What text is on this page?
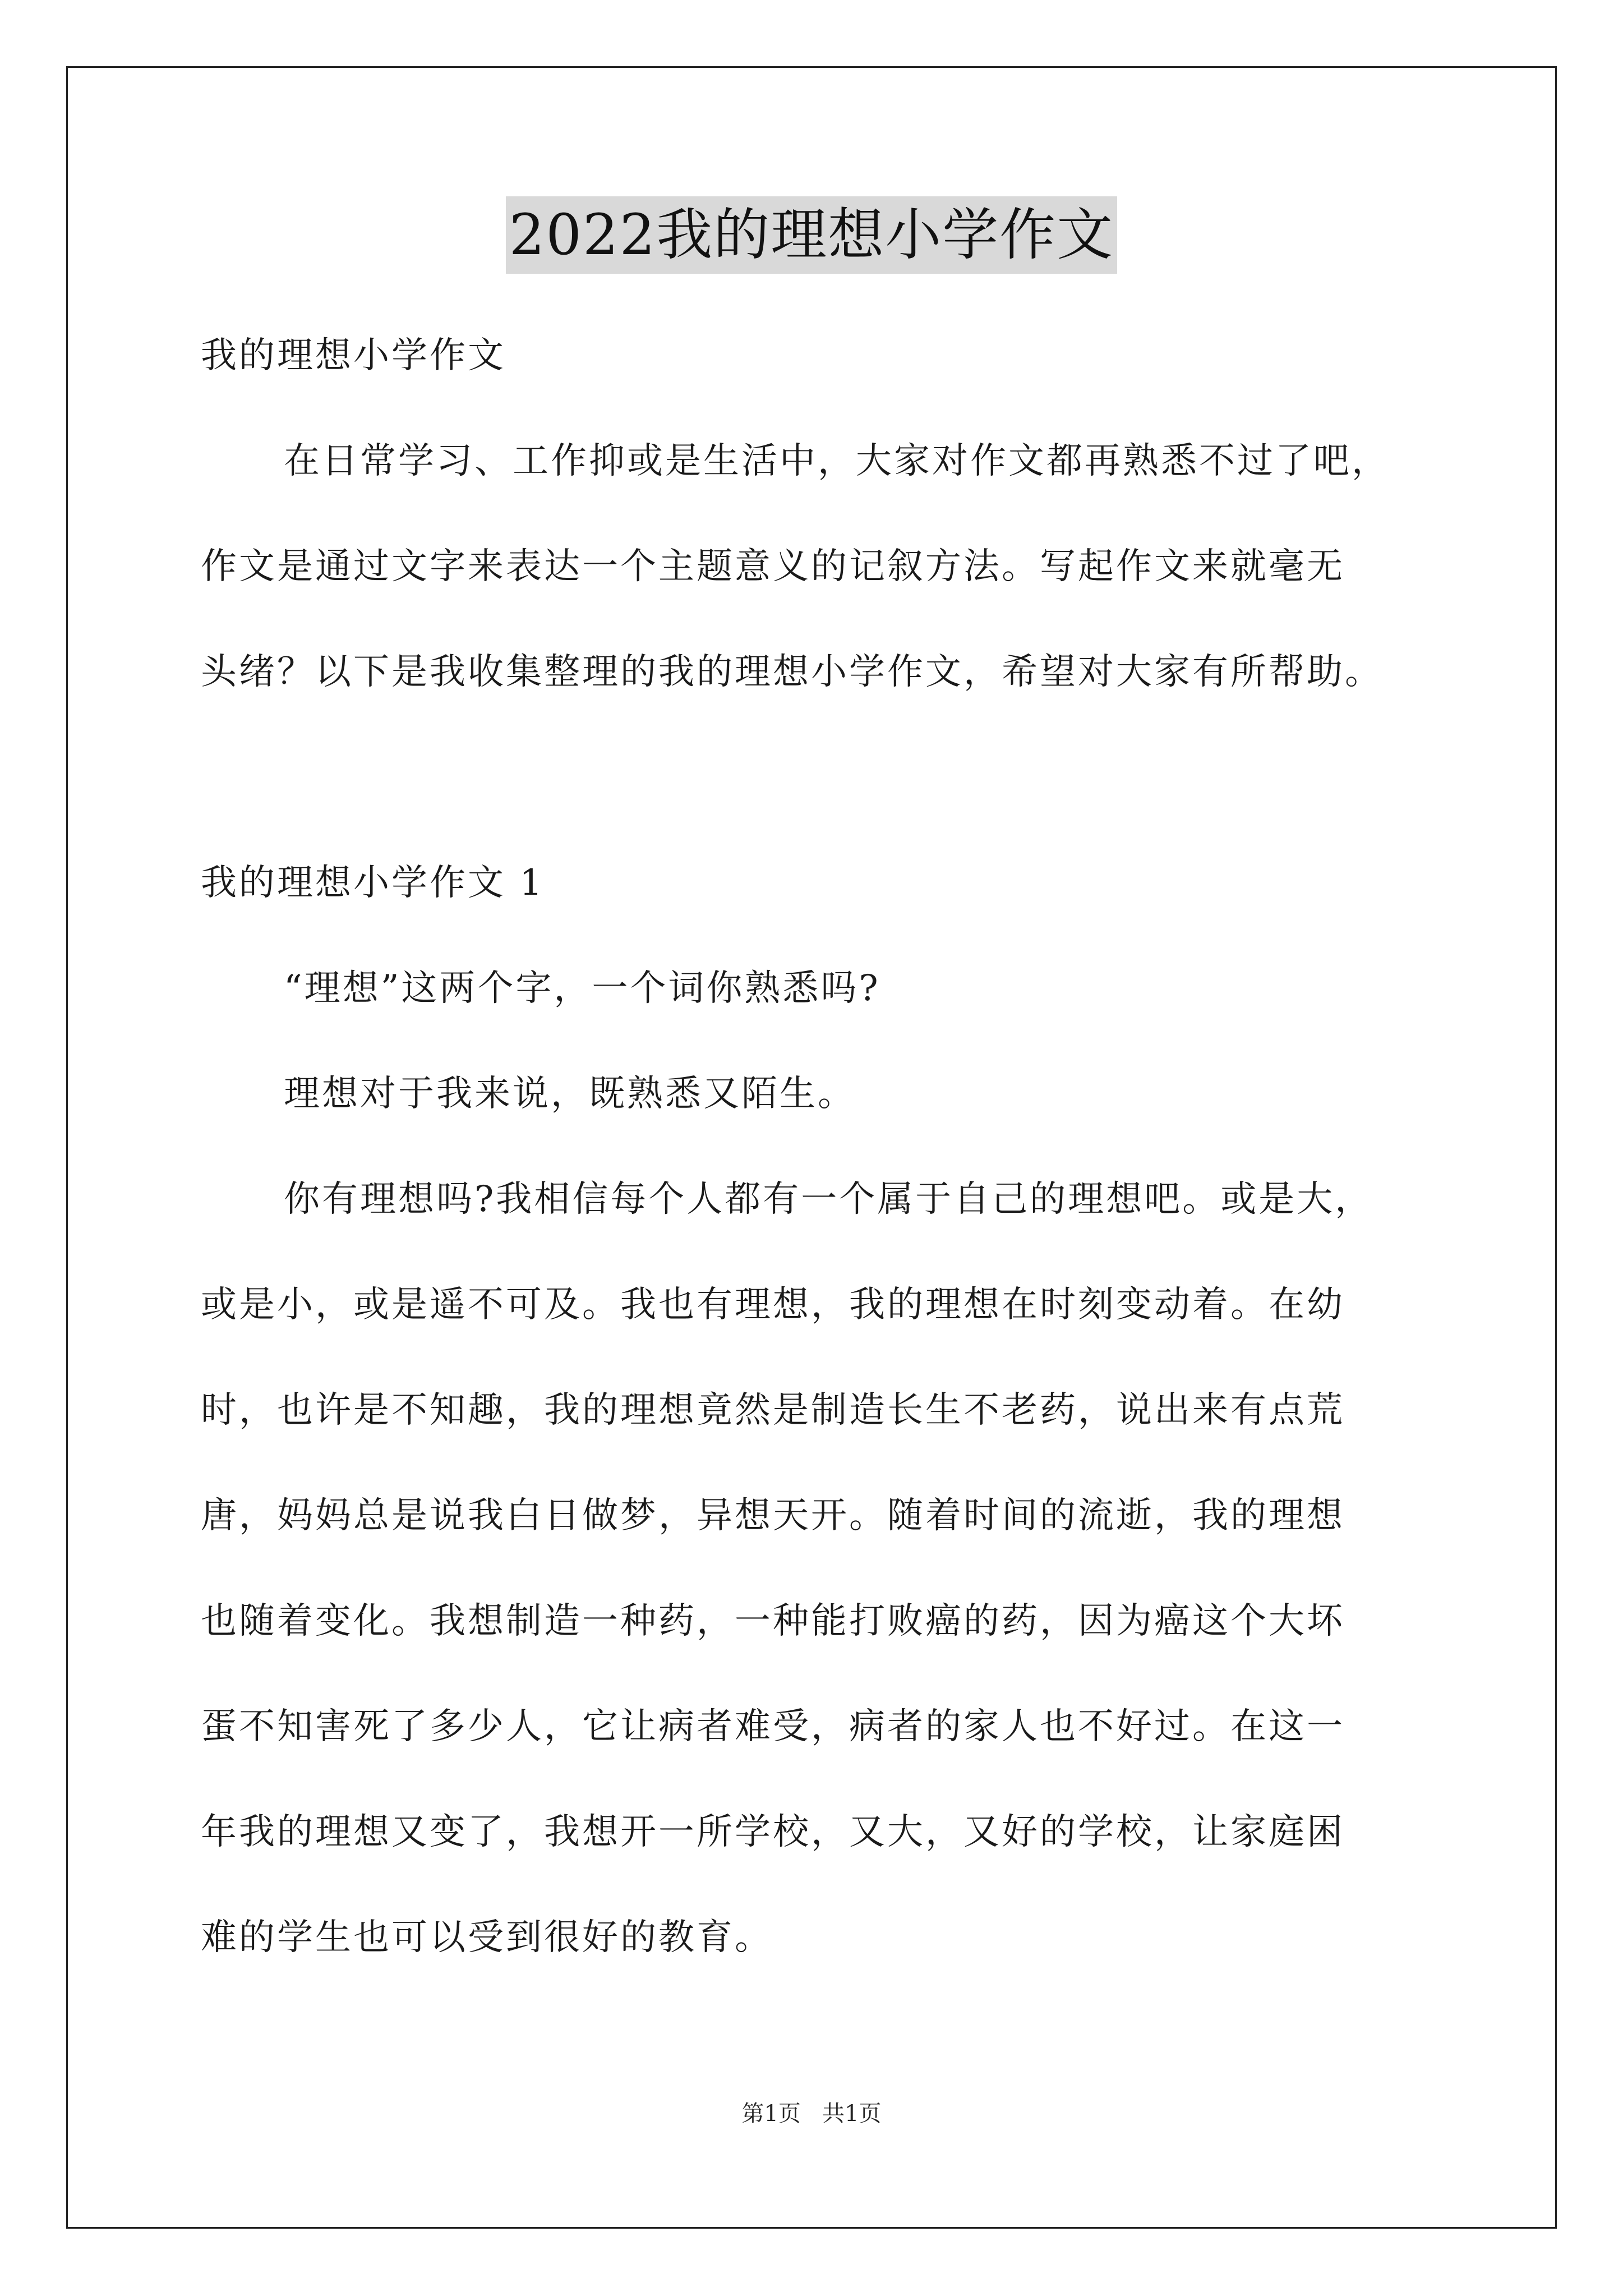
2022我的理想小学作文
我的理想小学作文
在日常学习、工作抑或是生活中，大家对作文都再熟悉不过了吧，
作文是通过文字来表达一个主题意义的记叙方法。写起作文来就毫无
头绪？以下是我收集整理的我的理想小学作文，希望对大家有所帮助。
我的理想小学作文 1
“理想”这两个字，一个词你熟悉吗?
理想对于我来说，既熟悉又陌生。
你有理想吗?我相信每个人都有一个属于自己的理想吧。或是大，
或是小，或是遥不可及。我也有理想，我的理想在时刻变动着。在幼
时，也许是不知趣，我的理想竟然是制造长生不老药，说出来有点荒
唐，妈妈总是说我白日做梦，异想天开。随着时间的流逝，我的理想
也随着变化。我想制造一种药，一种能打败癌的药，因为癌这个大坏
蛋不知害死了多少人，它让病者难受，病者的家人也不好过。在这一
年我的理想又变了，我想开一所学校，又大，又好的学校，让家庭困
难的学生也可以受到很好的教育。
第1页   共1页
